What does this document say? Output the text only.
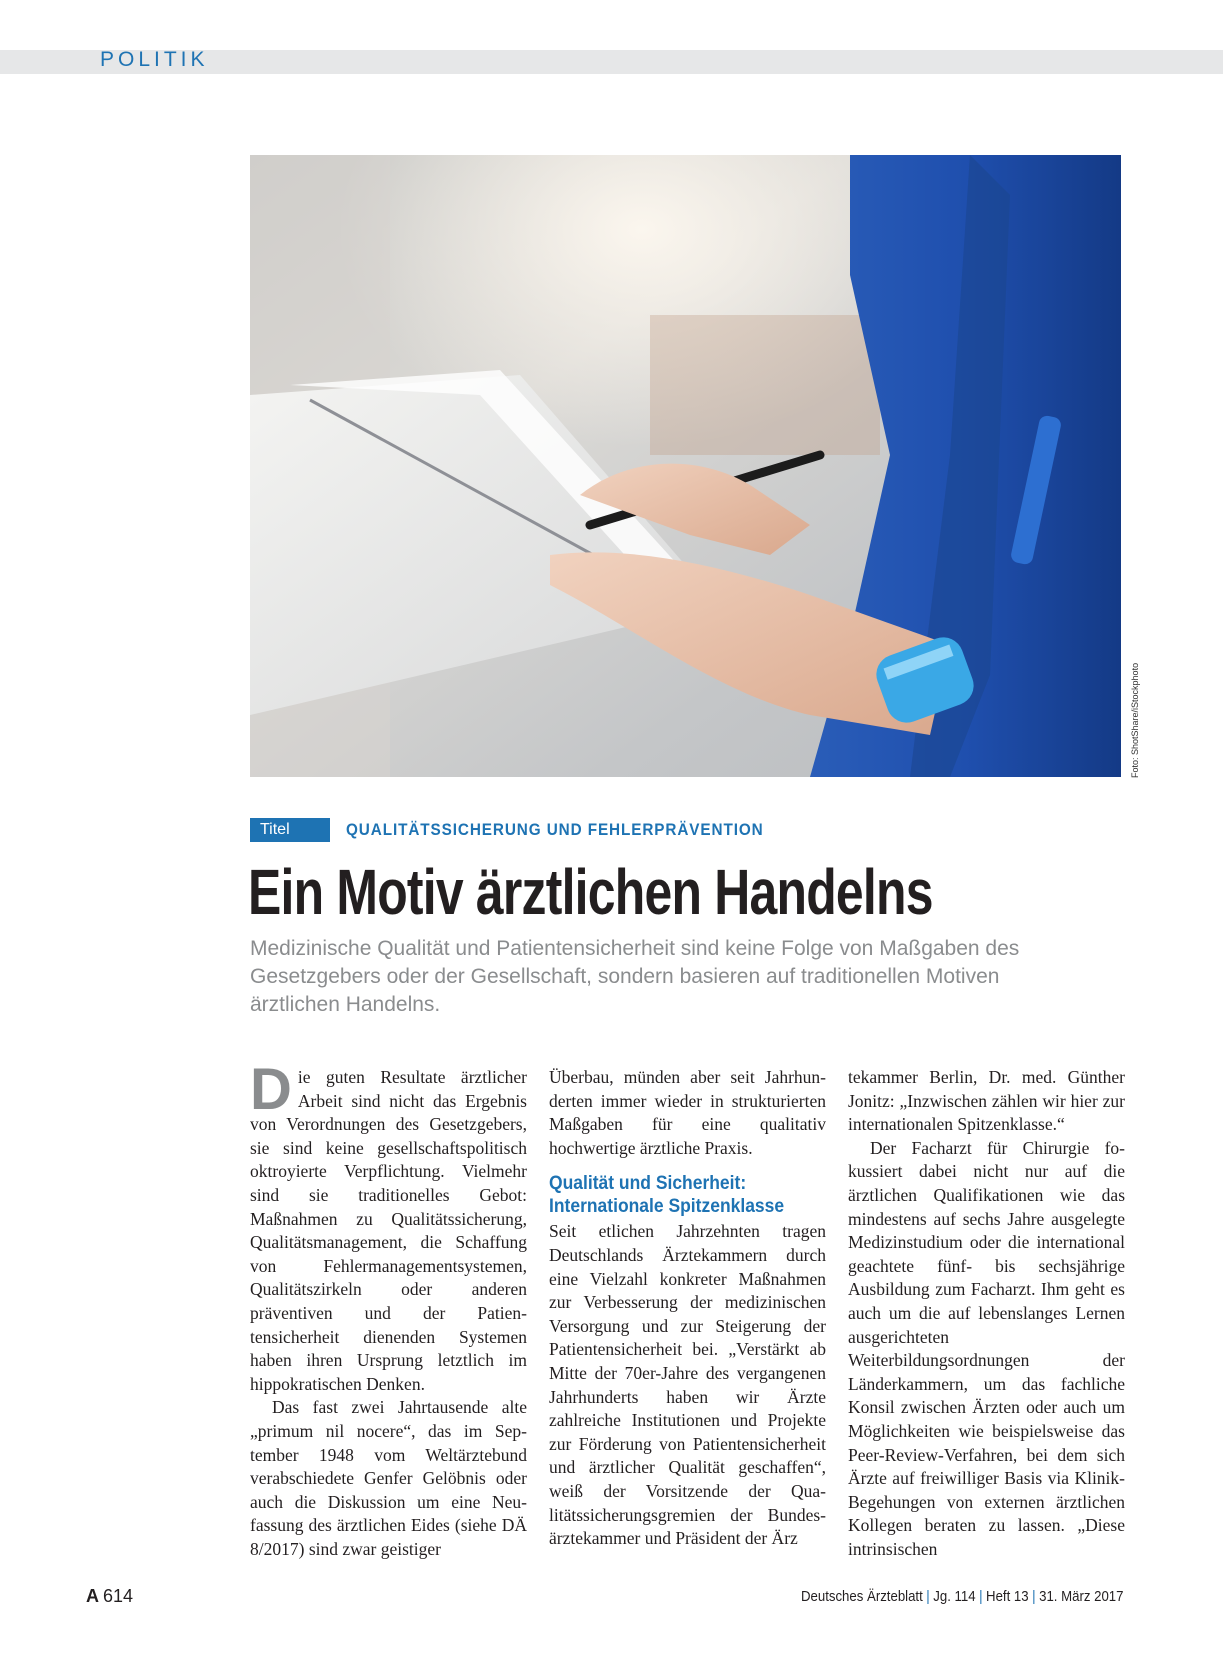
POLITIK
Foto: ShotShare/iStockphoto
Titel	QUALITÄTSSICHERUNG UND FEHLERPRÄVENTION
Ein Motiv ärztlichen Handelns

Medizinische Qualität und Patientensicherheit sind keine Folge von Maßgaben des Gesetzgebers oder der Gesellschaft, sondern basieren auf traditionellen Motiven ärztlichen Handelns.

D ie guten Resultate ärztlicher Arbeit sind nicht das Ergebnis von Verordnungen des Gesetzgebers, sie sind keine gesellschaftspolitisch oktroyierte Verpflichtung. Vielmehr sind sie traditionelles Gebot: Maßnahmen zu Qualitätssicherung, Qualitätsmanagement, die Schaffung von Fehlermanagementsystemen, Qualitätszirkeln oder anderen präventiven und der Patientensicherheit dienenden Systemen haben ihren Ursprung letztlich im hippokratischen Denken.

Das fast zwei Jahrtausende alte „primum nil nocere“, das im September 1948 vom Weltärztebund verabschiedete Genfer Gelöbnis oder auch die Diskussion um eine Neufassung des ärztlichen Eides (siehe DÄ 8/2017) sind zwar geistiger

Überbau, münden aber seit Jahrhunderten immer wieder in strukturierten Maßgaben für eine qualitativ hochwertige ärztliche Praxis.

Qualität und Sicherheit: Internationale Spitzenklasse

Seit etlichen Jahrzehnten tragen Deutschlands Ärztekammern durch eine Vielzahl konkreter Maßnahmen zur Verbesserung der medizinischen Versorgung und zur Steigerung der Patientensicherheit bei. „Verstärkt ab Mitte der 70er-Jahre des vergangenen Jahrhunderts haben wir Ärzte zahlreiche Institutionen und Projekte zur Förderung von Patientensicherheit und ärztlicher Qualität geschaffen“, weiß der Vorsitzende der Qualitätssicherungsgremien der Bundesärztekammer und Präsident der Ärz

tekammer Berlin, Dr. med. Günther Jonitz: „Inzwischen zählen wir hier zur internationalen Spitzenklasse.“

Der Facharzt für Chirurgie fokussiert dabei nicht nur auf die ärztlichen Qualifikationen wie das mindestens auf sechs Jahre ausgelegte Medizinstudium oder die international geachtete fünf- bis sechsjährige Ausbildung zum Facharzt. Ihm geht es auch um die auf lebenslanges Lernen ausgerichteten Weiterbildungsordnungen der Länderkammern, um das fachliche Konsil zwischen Ärzten oder auch um Möglichkeiten wie beispielsweise das Peer-Review-Verfahren, bei dem sich Ärzte auf freiwilliger Basis via Klinik-Begehungen von externen ärztlichen Kollegen beraten zu lassen. „Diese intrinsischen

A 614	Deutsches Ärzteblatt | Jg. 114 | Heft 13 | 31. März 2017
